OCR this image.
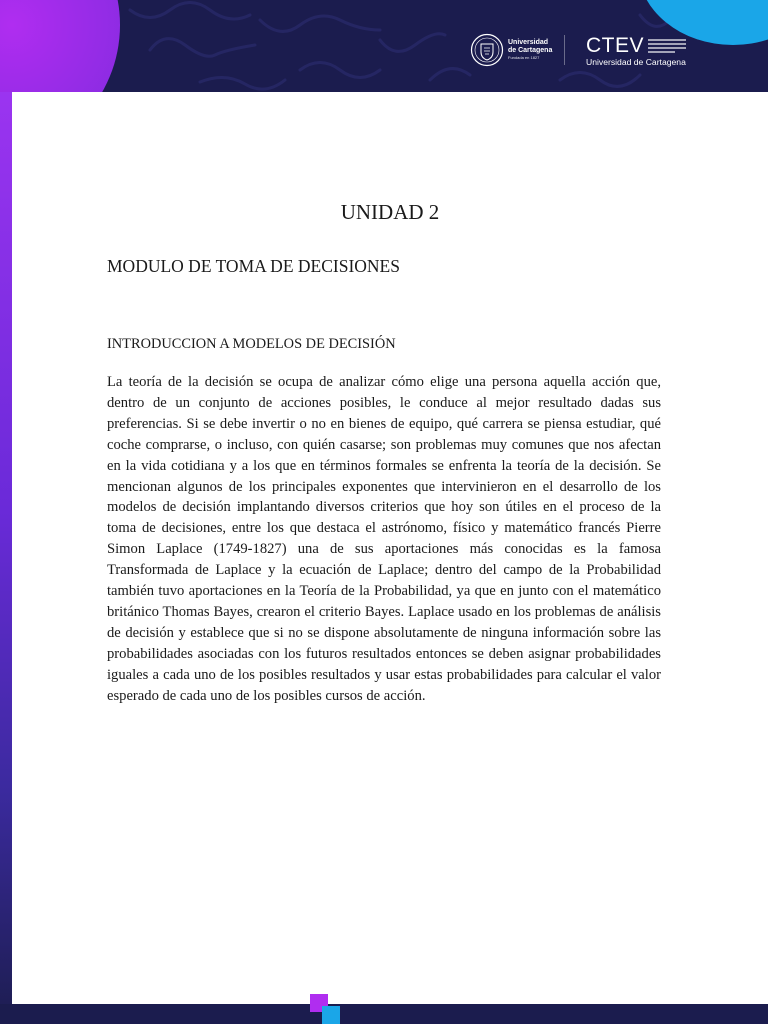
Universidad
de Cartagena
Fundada en 1827
CTEV
Universidad de Cartagena
UNIDAD 2
MODULO DE TOMA DE DECISIONES
INTRODUCCION A MODELOS DE DECISIÓN

La teoría de la decisión se ocupa de analizar cómo elige una persona aquella acción que, dentro de un conjunto de acciones posibles, le conduce al mejor resultado dadas sus preferencias. Si se debe invertir o no en bienes de equipo, qué carrera se piensa estudiar, qué coche comprarse, o incluso, con quién casarse; son problemas muy comunes que nos afectan en la vida cotidiana y a los que en términos formales se enfrenta la teoría de la decisión. Se mencionan algunos de los principales exponentes que intervinieron en el desarrollo de los modelos de decisión implantando diversos criterios que hoy son útiles en el proceso de la toma de decisiones, entre los que destaca el astrónomo, físico y matemático francés Pierre Simon Laplace (1749-1827) una de sus aportaciones más conocidas es la famosa Transformada de Laplace y la ecuación de Laplace; dentro del campo de la Probabilidad también tuvo aportaciones en la Teoría de la Probabilidad, ya que en junto con el matemático británico Thomas Bayes, crearon el criterio Bayes. Laplace usado en los problemas de análisis de decisión y establece que si no se dispone absolutamente de ninguna información sobre las probabilidades asociadas con los futuros resultados entonces se deben asignar probabilidades iguales a cada uno de los posibles resultados y usar estas probabilidades para calcular el valor esperado de cada uno de los posibles cursos de acción.
